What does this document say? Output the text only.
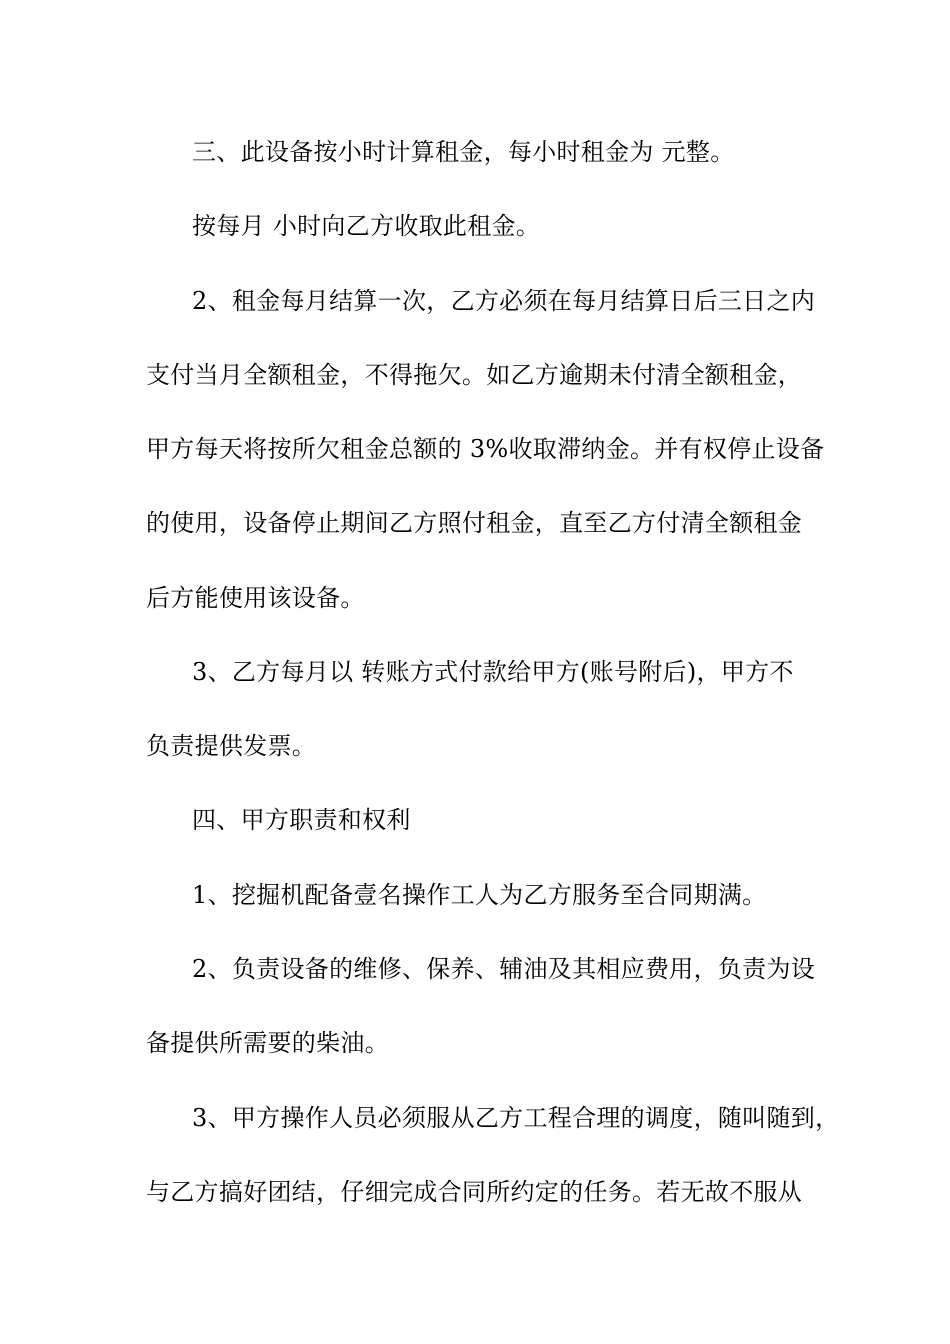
三、此设备按小时计算租金，每小时租金为 元整。
按每月 小时向乙方收取此租金。
2、租金每月结算一次，乙方必须在每月结算日后三日之内
支付当月全额租金，不得拖欠。如乙方逾期未付清全额租金，
甲方每天将按所欠租金总额的 3%收取滞纳金。并有权停止设备
的使用，设备停止期间乙方照付租金，直至乙方付清全额租金
后方能使用该设备。
3、乙方每月以 转账方式付款给甲方(账号附后)，甲方不
负责提供发票。
四、甲方职责和权利
1、挖掘机配备壹名操作工人为乙方服务至合同期满。
2、负责设备的维修、保养、辅油及其相应费用，负责为设
备提供所需要的柴油。
3、甲方操作人员必须服从乙方工程合理的调度，随叫随到，
与乙方搞好团结，仔细完成合同所约定的任务。若无故不服从
